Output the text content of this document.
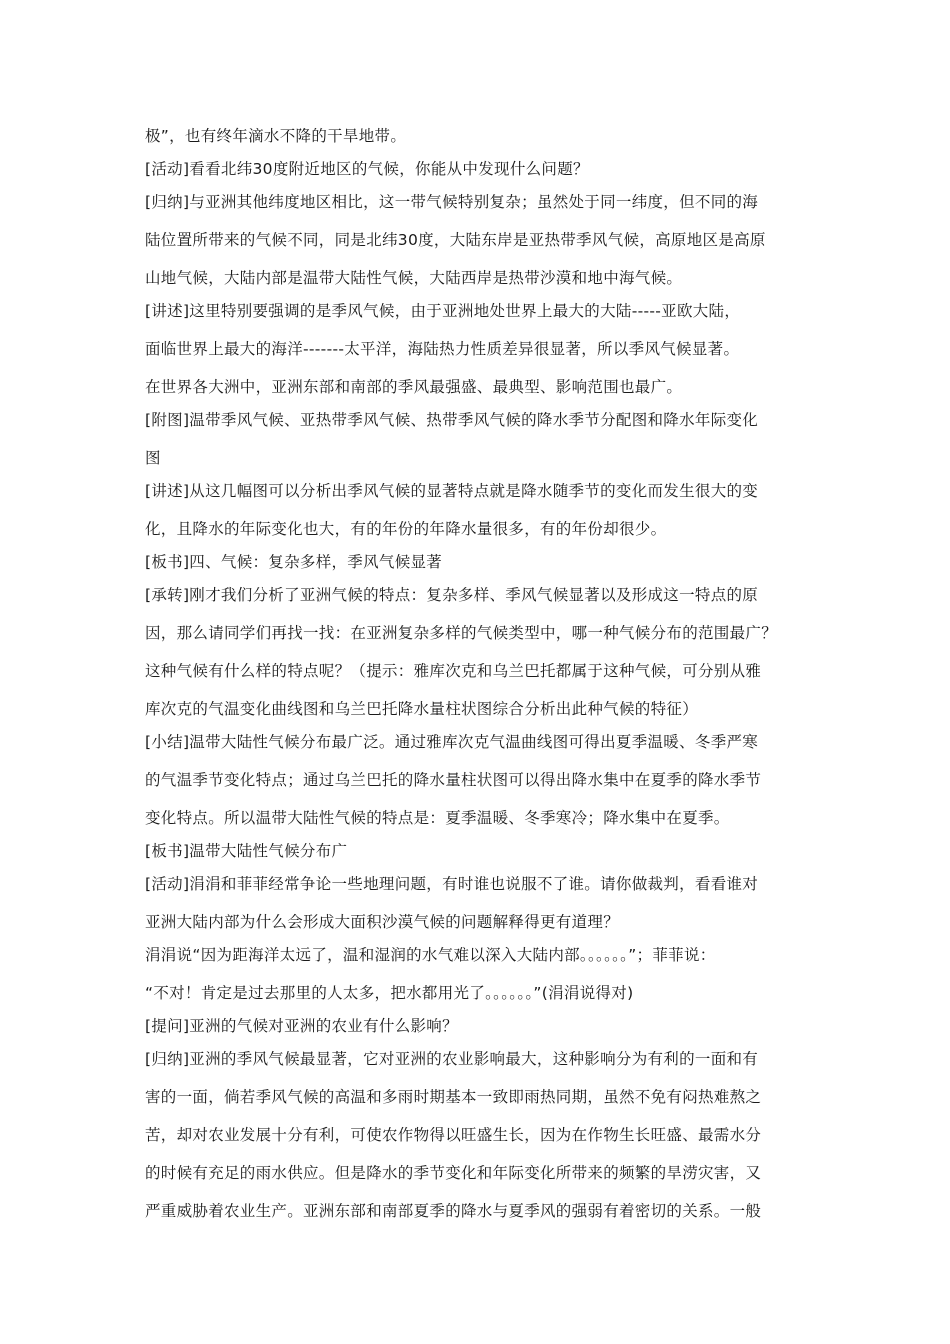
极”，也有终年滴水不降的干旱地带。
[活动]看看北纬30度附近地区的气候，你能从中发现什么问题？
[归纳]与亚洲其他纬度地区相比，这一带气候特别复杂；虽然处于同一纬度，但不同的海
陆位置所带来的气候不同，同是北纬30度，大陆东岸是亚热带季风气候，高原地区是高原
山地气候，大陆内部是温带大陆性气候，大陆西岸是热带沙漠和地中海气候。
[讲述]这里特别要强调的是季风气候，由于亚洲地处世界上最大的大陆-----亚欧大陆，
面临世界上最大的海洋-------太平洋，海陆热力性质差异很显著，所以季风气候显著。
在世界各大洲中，亚洲东部和南部的季风最强盛、最典型、影响范围也最广。
[附图]温带季风气候、亚热带季风气候、热带季风气候的降水季节分配图和降水年际变化
图
[讲述]从这几幅图可以分析出季风气候的显著特点就是降水随季节的变化而发生很大的变
化，且降水的年际变化也大，有的年份的年降水量很多，有的年份却很少。
[板书]四、气候：复杂多样，季风气候显著
[承转]刚才我们分析了亚洲气候的特点：复杂多样、季风气候显著以及形成这一特点的原
因，那么请同学们再找一找：在亚洲复杂多样的气候类型中，哪一种气候分布的范围最广？
这种气候有什么样的特点呢？（提示：雅库次克和乌兰巴托都属于这种气候，可分别从雅
库次克的气温变化曲线图和乌兰巴托降水量柱状图综合分析出此种气候的特征）
[小结]温带大陆性气候分布最广泛。通过雅库次克气温曲线图可得出夏季温暖、冬季严寒
的气温季节变化特点；通过乌兰巴托的降水量柱状图可以得出降水集中在夏季的降水季节
变化特点。所以温带大陆性气候的特点是：夏季温暖、冬季寒冷；降水集中在夏季。
[板书]温带大陆性气候分布广
[活动]涓涓和菲菲经常争论一些地理问题，有时谁也说服不了谁。请你做裁判，看看谁对
亚洲大陆内部为什么会形成大面积沙漠气候的问题解释得更有道理？
涓涓说“因为距海洋太远了，温和湿润的水气难以深入大陆内部。。。。。。”；菲菲说：
“不对！肯定是过去那里的人太多，把水都用光了。。。。。。”(涓涓说得对)
[提问]亚洲的气候对亚洲的农业有什么影响？
[归纳]亚洲的季风气候最显著，它对亚洲的农业影响最大，这种影响分为有利的一面和有
害的一面，倘若季风气候的高温和多雨时期基本一致即雨热同期，虽然不免有闷热难熬之
苦，却对农业发展十分有利，可使农作物得以旺盛生长，因为在作物生长旺盛、最需水分
的时候有充足的雨水供应。但是降水的季节变化和年际变化所带来的频繁的旱涝灾害，又
严重威胁着农业生产。亚洲东部和南部夏季的降水与夏季风的强弱有着密切的关系。一般
